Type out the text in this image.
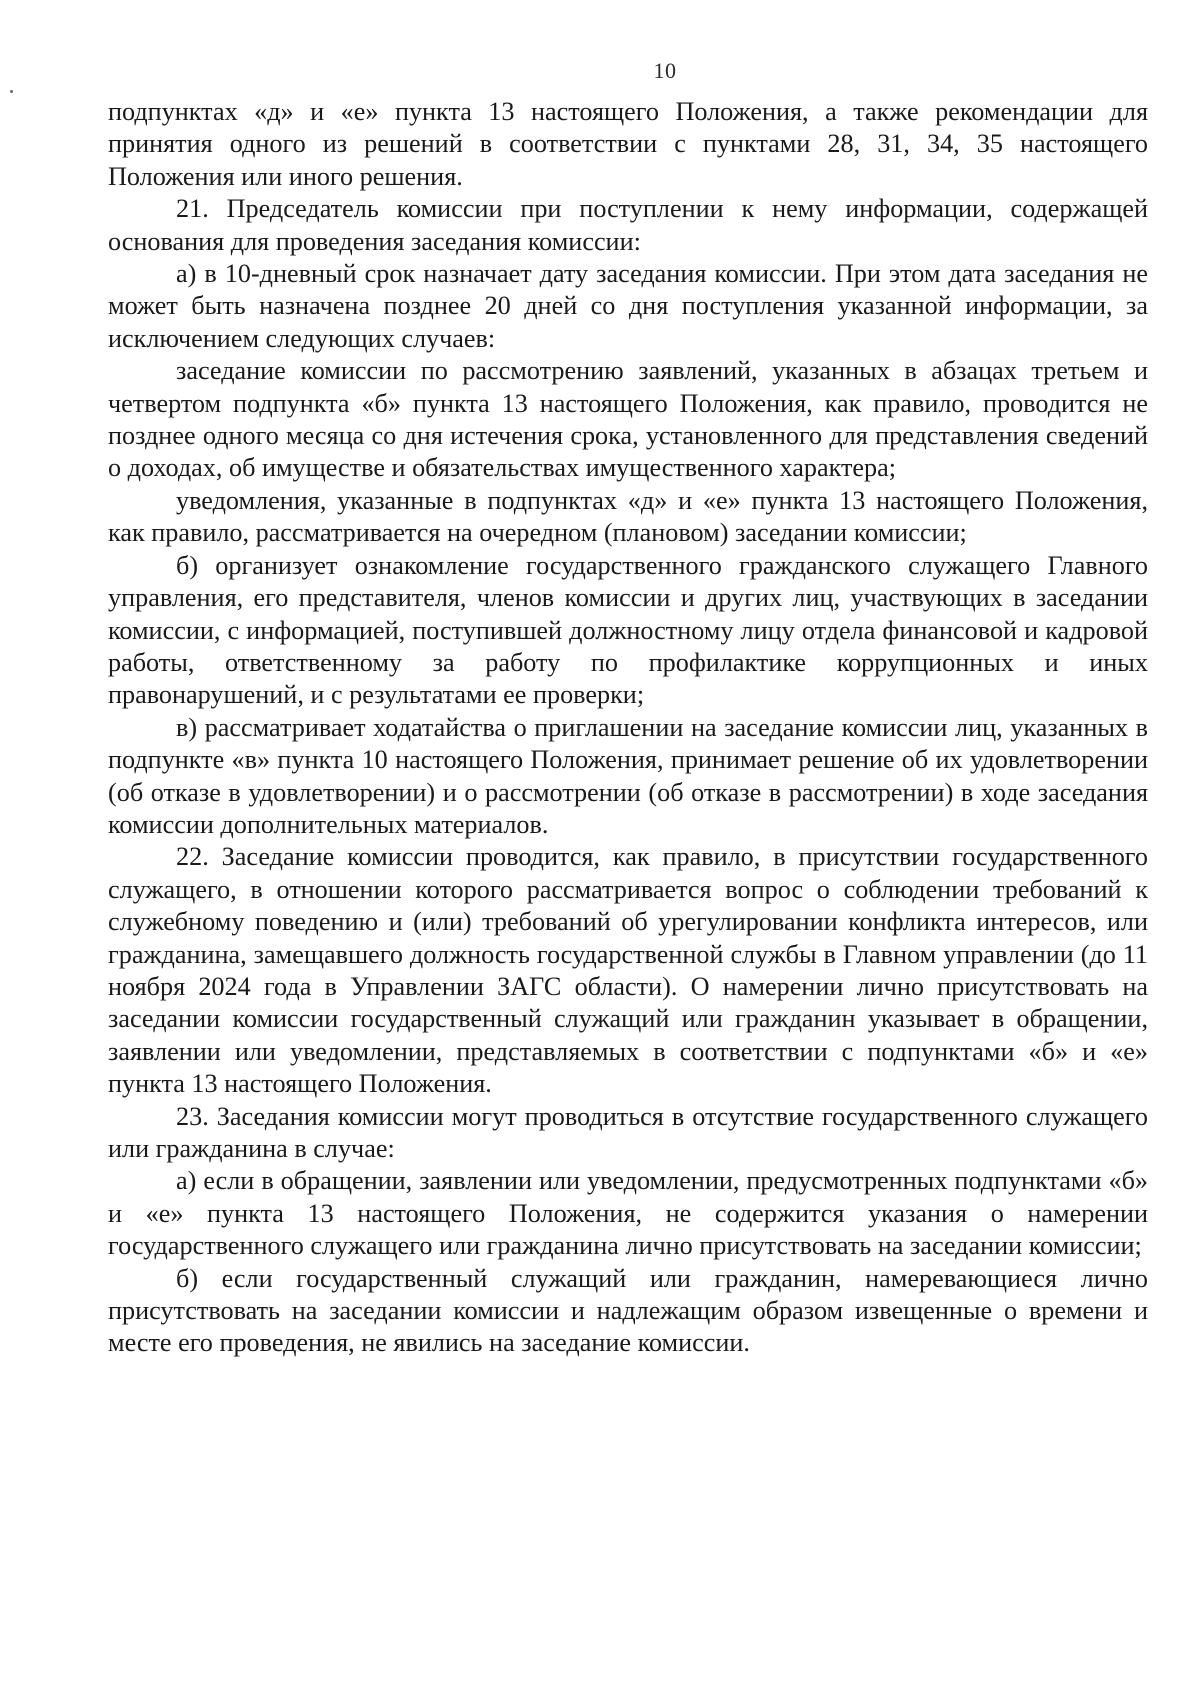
10

подпунктах «д» и «е» пункта 13 настоящего Положения, а также рекомендации для принятия одного из решений в соответствии с пунктами 28, 31, 34, 35 настоящего Положения или иного решения.

21. Председатель комиссии при поступлении к нему информации, содержащей основания для проведения заседания комиссии:

а) в 10-дневный срок назначает дату заседания комиссии. При этом дата заседания не может быть назначена позднее 20 дней со дня поступления указанной информации, за исключением следующих случаев:

заседание комиссии по рассмотрению заявлений, указанных в абзацах третьем и четвертом подпункта «б» пункта 13 настоящего Положения, как правило, проводится не позднее одного месяца со дня истечения срока, установленного для представления сведений о доходах, об имуществе и обязательствах имущественного характера;

уведомления, указанные в подпунктах «д» и «е» пункта 13 настоящего Положения, как правило, рассматривается на очередном (плановом) заседании комиссии;

б) организует ознакомление государственного гражданского служащего Главного управления, его представителя, членов комиссии и других лиц, участвующих в заседании комиссии, с информацией, поступившей должностному лицу отдела финансовой и кадровой работы, ответственному за работу по профилактике коррупционных и иных правонарушений, и с результатами ее проверки;

в) рассматривает ходатайства о приглашении на заседание комиссии лиц, указанных в подпункте «в» пункта 10 настоящего Положения, принимает решение об их удовлетворении (об отказе в удовлетворении) и о рассмотрении (об отказе в рассмотрении) в ходе заседания комиссии дополнительных материалов.

22. Заседание комиссии проводится, как правило, в присутствии государственного служащего, в отношении которого рассматривается вопрос о соблюдении требований к служебному поведению и (или) требований об урегулировании конфликта интересов, или гражданина, замещавшего должность государственной службы в Главном управлении (до 11 ноября 2024 года в Управлении ЗАГС области). О намерении лично присутствовать на заседании комиссии государственный служащий или гражданин указывает в обращении, заявлении или уведомлении, представляемых в соответствии с подпунктами «б» и «е» пункта 13 настоящего Положения.

23. Заседания комиссии могут проводиться в отсутствие государственного служащего или гражданина в случае:

а) если в обращении, заявлении или уведомлении, предусмотренных подпунктами «б» и «е» пункта 13 настоящего Положения, не содержится указания о намерении государственного служащего или гражданина лично присутствовать на заседании комиссии;

б) если государственный служащий или гражданин, намеревающиеся лично присутствовать на заседании комиссии и надлежащим образом извещенные о времени и месте его проведения, не явились на заседание комиссии.
